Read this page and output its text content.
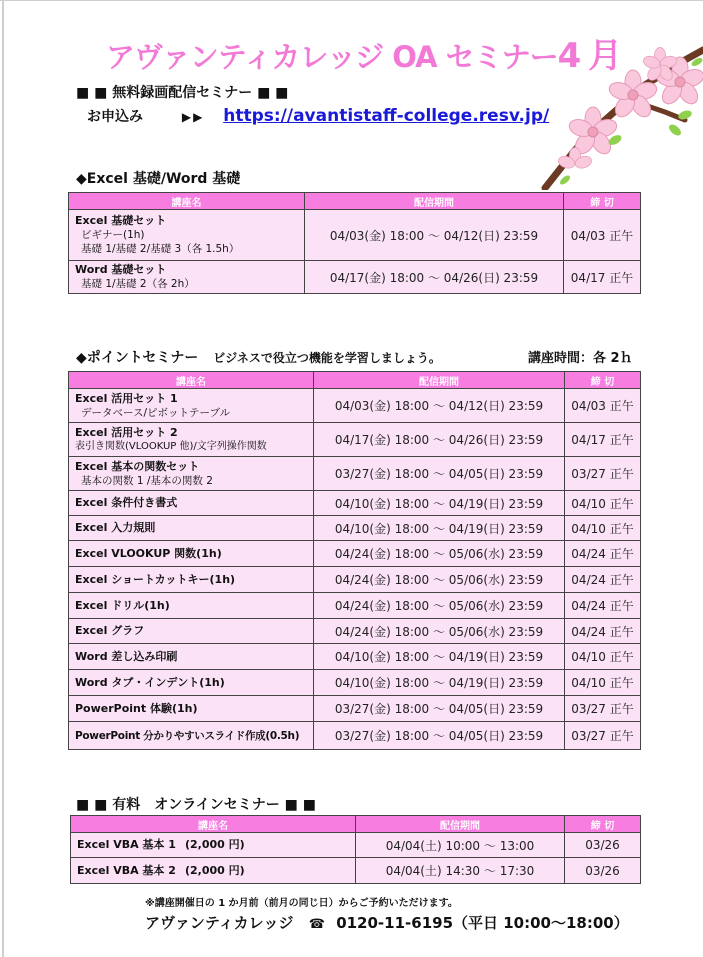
アヴァンティカレッジ OA セミナー4 月
■ ■ 無料録画配信セミナー ■ ■
お申込み	▶▶ https://avantistaff-college.resv.jp/
◆Excel 基礎/Word 基礎
講座名	配信期間	締 切
Excel 基礎セット
ビギナー(1h)
基礎 1/基礎 2/基礎 3（各 1.5h）	04/03(金) 18:00 ～ 04/12(日) 23:59	04/03 正午
Word 基礎セット
基礎 1/基礎 2（各 2h）	04/17(金) 18:00 ～ 04/26(日) 23:59	04/17 正午
◆ポイントセミナー ビジネスで役立つ機能を学習しましょう。	講座時間：各 2ｈ
講座名	配信期間	締 切
Excel 活用セット 1
データベース/ピボットテーブル	04/03(金) 18:00 ～ 04/12(日) 23:59	04/03 正午
Excel 活用セット 2
表引き関数(VLOOKUP 他)/文字列操作関数	04/17(金) 18:00 ～ 04/26(日) 23:59	04/17 正午
Excel 基本の関数セット
基本の関数 1 /基本の関数 2	03/27(金) 18:00 ～ 04/05(日) 23:59	03/27 正午
Excel 条件付き書式	04/10(金) 18:00 ～ 04/19(日) 23:59	04/10 正午
Excel 入力規則	04/10(金) 18:00 ～ 04/19(日) 23:59	04/10 正午
Excel VLOOKUP 関数(1h)	04/24(金) 18:00 ～ 05/06(水) 23:59	04/24 正午
Excel ショートカットキー(1h)	04/24(金) 18:00 ～ 05/06(水) 23:59	04/24 正午
Excel ドリル(1h)	04/24(金) 18:00 ～ 05/06(水) 23:59	04/24 正午
Excel グラフ	04/24(金) 18:00 ～ 05/06(水) 23:59	04/24 正午
Word 差し込み印刷	04/10(金) 18:00 ～ 04/19(日) 23:59	04/10 正午
Word タブ・インデント(1h)	04/10(金) 18:00 ～ 04/19(日) 23:59	04/10 正午
PowerPoint 体験(1h)	03/27(金) 18:00 ～ 04/05(日) 23:59	03/27 正午
PowerPoint 分かりやすいスライド作成(0.5h)	03/27(金) 18:00 ～ 04/05(日) 23:59	03/27 正午
■ ■ 有料　オンラインセミナー ■ ■
講座名	配信期間	締 切
Excel VBA 基本 1 (2,000 円)	04/04(土) 10:00 ～ 13:00	03/26
Excel VBA 基本 2 (2,000 円)	04/04(土) 14:30 ～ 17:30	03/26
※講座開催日の 1 か月前（前月の同じ日）からご予約いただけます。
アヴァンティカレッジ ☎ 0120-11-6195（平日 10:00～18:00）
